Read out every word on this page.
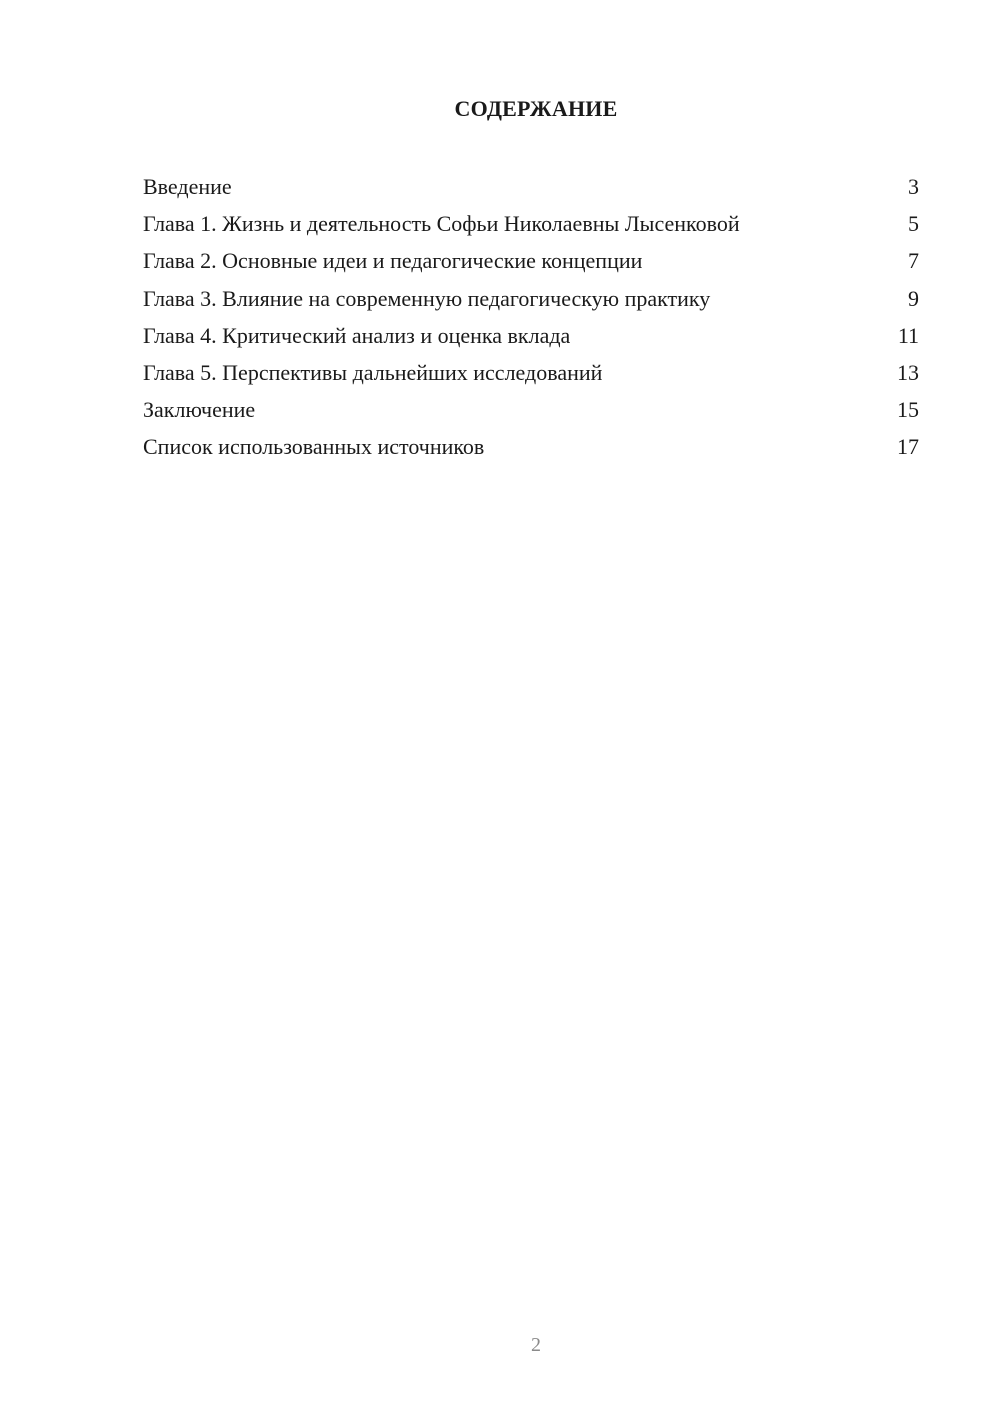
СОДЕРЖАНИЕ
Введение	3
Глава 1. Жизнь и деятельность Софьи Николаевны Лысенковой	5
Глава 2. Основные идеи и педагогические концепции	7
Глава 3. Влияние на современную педагогическую практику	9
Глава 4. Критический анализ и оценка вклада	11
Глава 5. Перспективы дальнейших исследований	13
Заключение	15
Список использованных источников	17
2
